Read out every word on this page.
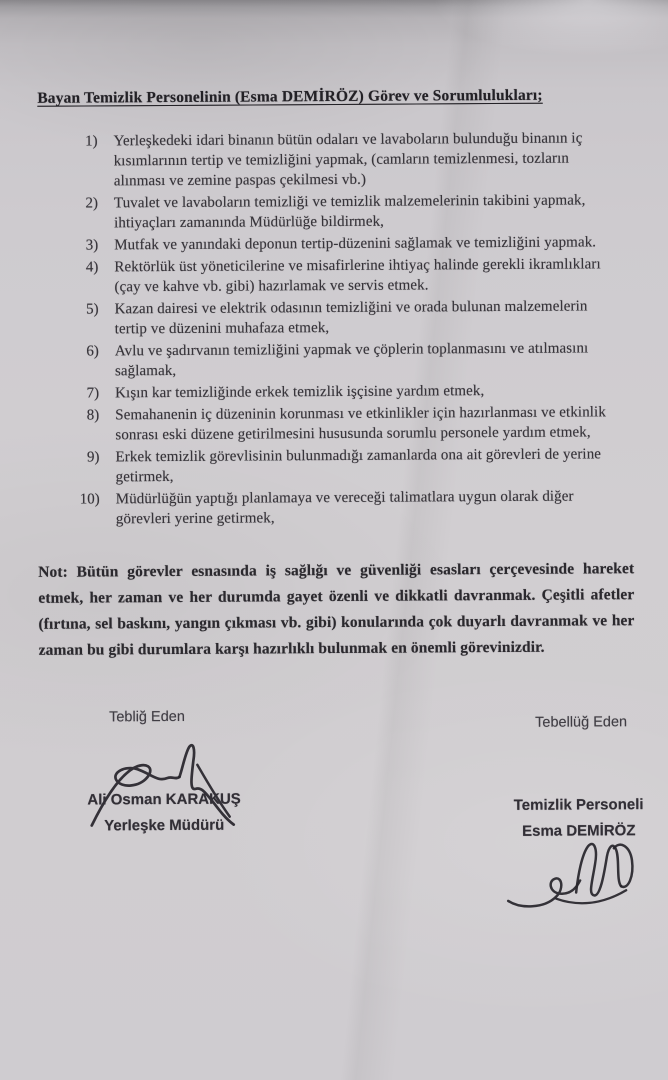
Bayan Temizlik Personelinin (Esma DEMİRÖZ) Görev ve Sorumlulukları;
1) Yerleşkedeki idari binanın bütün odaları ve lavaboların bulunduğu binanın iç kısımlarının tertip ve temizliğini yapmak, (camların temizlenmesi, tozların alınması ve zemine paspas çekilmesi vb.)
2) Tuvalet ve lavaboların temizliği ve temizlik malzemelerinin takibini yapmak, ihtiyaçları zamanında Müdürlüğe bildirmek,
3) Mutfak ve yanındaki deponun tertip-düzenini sağlamak ve temizliğini yapmak.
4) Rektörlük üst yöneticilerine ve misafirlerine ihtiyaç halinde gerekli ikramlıkları (çay ve kahve vb. gibi) hazırlamak ve servis etmek.
5) Kazan dairesi ve elektrik odasının temizliğini ve orada bulunan malzemelerin tertip ve düzenini muhafaza etmek,
6) Avlu ve şadırvanın temizliğini yapmak ve çöplerin toplanmasını ve atılmasını sağlamak,
7) Kışın kar temizliğinde erkek temizlik işçisine yardım etmek,
8) Semahanenin iç düzeninin korunması ve etkinlikler için hazırlanması ve etkinlik sonrası eski düzene getirilmesini hususunda sorumlu personele yardım etmek,
9) Erkek temizlik görevlisinin bulunmadığı zamanlarda ona ait görevleri de yerine getirmek,
10) Müdürlüğün yaptığı planlamaya ve vereceği talimatlara uygun olarak diğer görevleri yerine getirmek,

Not: Bütün görevler esnasında iş sağlığı ve güvenliği esasları çerçevesinde hareket etmek, her zaman ve her durumda gayet özenli ve dikkatli davranmak. Çeşitli afetler (fırtına, sel baskını, yangın çıkması vb. gibi) konularında çok duyarlı davranmak ve her zaman bu gibi durumlara karşı hazırlıklı bulunmak en önemli görevinizdir.

Tebliğ Eden	Tebellüğ Eden
Ali Osman KARAKUŞ
Yerleşke Müdürü
Temizlik Personeli
Esma DEMİRÖZ
